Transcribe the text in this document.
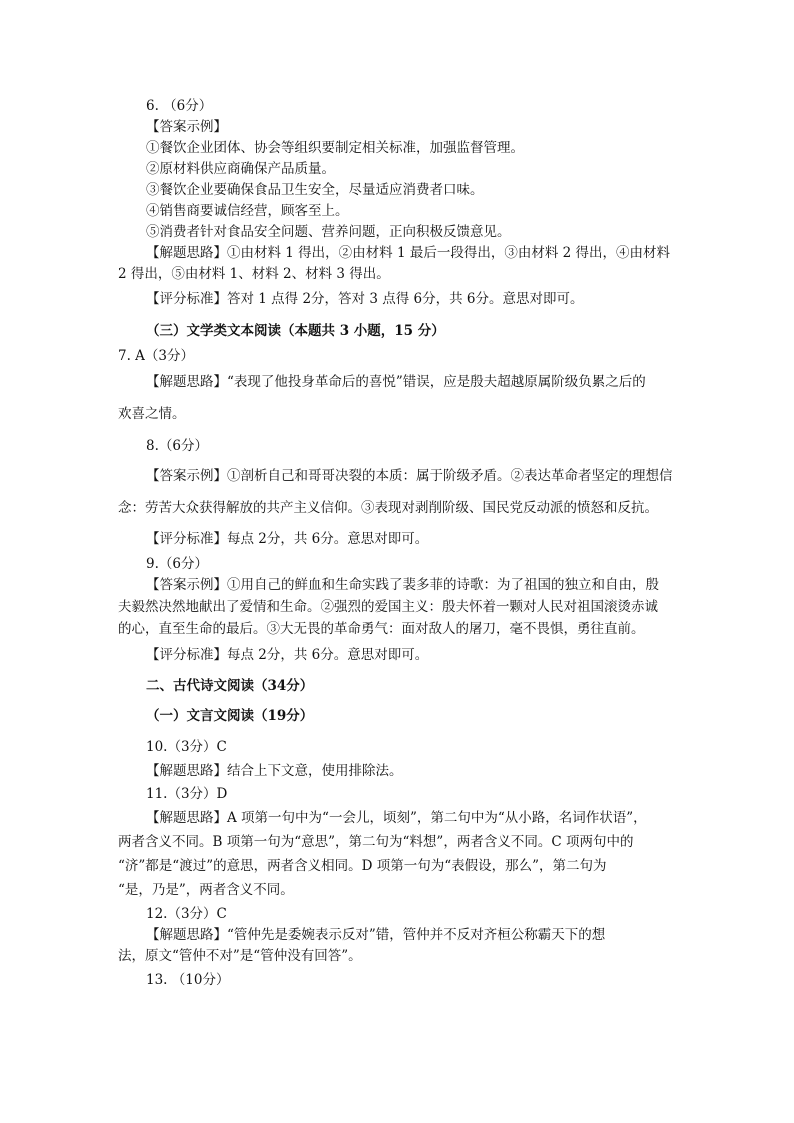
6. （6分）

【答案示例】

①餐饮企业团体、协会等组织要制定相关标准，加强监督管理。

②原材料供应商确保产品质量。

③餐饮企业要确保食品卫生安全，尽量适应消费者口味。

④销售商要诚信经营，顾客至上。

⑤消费者针对食品安全问题、营养问题，正向积极反馈意见。

【解题思路】①由材料 1 得出，②由材料 1 最后一段得出，③由材料 2 得出，④由材料

2 得出，⑤由材料 1、材料 2、材料 3 得出。

【评分标准】答对 1 点得 2分，答对 3 点得 6分，共 6分。意思对即可。

（三）文学类文本阅读（本题共 3 小题，15 分）

7. A（3分）

【解题思路】“表现了他投身革命后的喜悦”错误，应是殷夫超越原属阶级负累之后的

欢喜之情。

8.（6分）

【答案示例】①剖析自己和哥哥决裂的本质：属于阶级矛盾。②表达革命者坚定的理想信

念：劳苦大众获得解放的共产主义信仰。③表现对剥削阶级、国民党反动派的愤怒和反抗。

【评分标准】每点 2分，共 6分。意思对即可。

9.（6分）

【答案示例】①用自己的鲜血和生命实践了裴多菲的诗歌：为了祖国的独立和自由，殷

夫毅然决然地献出了爱情和生命。②强烈的爱国主义：殷夫怀着一颗对人民对祖国滚烫赤诚

的心，直至生命的最后。③大无畏的革命勇气：面对敌人的屠刀，毫不畏惧，勇往直前。

【评分标准】每点 2分，共 6分。意思对即可。

二、古代诗文阅读（34分）

（一）文言文阅读（19分）

10.（3分）C

【解题思路】结合上下文意，使用排除法。

11.（3分）D

【解题思路】A 项第一句中为“一会儿，顷刻”，第二句中为“从小路，名词作状语”，

两者含义不同。B 项第一句为“意思”，第二句为“料想”，两者含义不同。C 项两句中的

“济”都是“渡过”的意思，两者含义相同。D 项第一句为“表假设，那么”，第二句为

“是，乃是”，两者含义不同。

12.（3分）C

【解题思路】“管仲先是委婉表示反对”错，管仲并不反对齐桓公称霸天下的想

法，原文“管仲不对”是“管仲没有回答”。

13. （10分）
